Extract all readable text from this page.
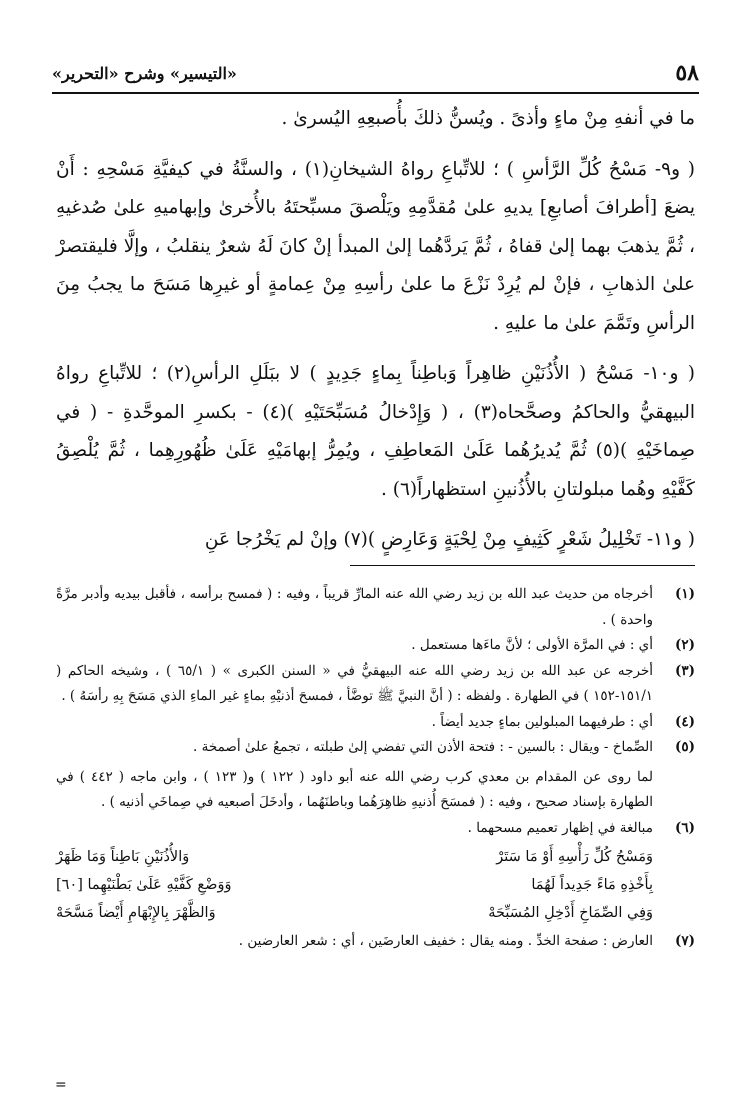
٥٨
«التيسير» وشرح «التحرير»

ما في أنفهِ مِنْ ماءٍ وأذىً . ويُسنُّ ذلكَ بأُصبعِهِ اليُسرىٰ .

( و٩- مَسْحُ كُلِّ الرَّأسِ ) ؛ للاتِّباعِ رواهُ الشيخانِ(١) ، والسنَّةُ في كيفيَّةِ مَسْحِهِ : أَنْ يضعَ [أطرافَ أصابعِ] يديهِ علىٰ مُقدَّمِهِ ويَلْصقَ مسبِّحتَهُ بالأُخرىٰ وإبهاميهِ علىٰ صُدغيهِ ، ثُمَّ يذهبَ بهما إلىٰ قفاهُ ، ثُمَّ يَردَّهُما إلىٰ المبدأ إنْ كانَ لَهُ شعرٌ ينقلبُ ، وإلَّا فليقتصرْ علىٰ الذهابِ ، فإنْ لم يُرِدْ نَزْعَ ما علىٰ رأسِهِ مِنْ عِمامةٍ أو غيرِها مَسَحَ ما يجبُ مِنَ الرأسِ وتَمَّمَ علىٰ ما عليهِ .

( و١٠- مَسْحُ ( الأُذُنَيْنِ ظاهِراً وَباطِناً بِماءٍ جَدِيدٍ ) لا ببَلَلِ الرأسِ(٢) ؛ للاتِّباعِ رواهُ البيهقيُّ والحاكمُ وصحَّحاه(٣) ، ( وَإِدْخالُ مُسَبِّحَتَيْهِ )(٤) - بكسرِ الموحَّدةِ - ( في صِماخَيْهِ )(٥) ثُمَّ يُديرُهُما عَلَىٰ المَعاطِفِ ، ويُمِرُّ إبهامَيْهِ عَلَىٰ ظُهُورِهِما ، ثُمَّ يُلْصِقُ كَفَّيْهِ وهُما مبلولتانِ بالأُذُنينِ استظهاراً(٦) .

( و١١- تَخْلِيلُ شَعْرٍ كَثِيفٍ مِنْ لِحْيَةٍ وَعَارِضٍ )(٧) وإنْ لم يَخْرُجا عَنِ

(١)
أخرجاه من حديث عبد الله بن زيد رضي الله عنه المارِّ قريباً ، وفيه : ( فمسح برأسه ، فأقبل بيديه وأدبر مرَّةً واحدة ) .
(٢)
أي : في المرَّة الأولى ؛ لأنَّ ماءَها مستعمل .
(٣)
أخرجه عن عبد الله بن زيد رضي الله عنه البيهقيُّ في « السنن الكبرى » ( ٦٥/١ ) ، وشيخه الحاكم ( ١٥١/١-١٥٢ ) في الطهارة . ولفظه : ( أنَّ النبيَّ ﷺ توضَّأ ، فمسحَ أذنيْهِ بماءٍ غير الماءِ الذي مَسَحَ بِهِ رأسَهُ ) .
(٤)
أي : طرفيهما المبلولين بماءٍ جديد أيضاً .
(٥)
الصِّماخ - ويقال : بالسين - : فتحة الأذن التي تفضي إلىٰ طبلته ، تجمعُ علىٰ أصمخة .
لما روى عن المقدام بن معدي كرب رضي الله عنه أبو داود ( ١٢٢ ) و( ١٢٣ ) ، وابن ماجه ( ٤٤٢ ) في الطهارة بإسناد صحيح ، وفيه : ( فمسَحَ أُذنيهِ ظاهِرَهُما وباطنَهُما ، وأدخَلَ أصبعيه في صِماخَي أذنيه ) .
(٦)
مبالغة في إظهار تعميم مسحهما .
وَمَسْحُ كُلِّ رَأْسِهِ أَوْ مَا سَتَرْ
وَالأُذُنَيْنِ بَاطِناً وَمَا ظَهَرْ
بِأَخْذِهِ مَاءً جَدِيداً لَهُمَا
وَوَضْعِ كَفَّيْهِ عَلَىٰ بَطْنَيْهِما [٦٠]
وَفِي الصِّمَاخِ أَدْخِلِ المُسَبِّحَهْ
وَالظَّهْرَ بِالإِبْهَامِ أَيْضاً مَسَّحَهْ
(٧)
العارض : صفحة الخدِّ . ومنه يقال : خفيف العارضَين ، أي : شعر العارضين .
=
